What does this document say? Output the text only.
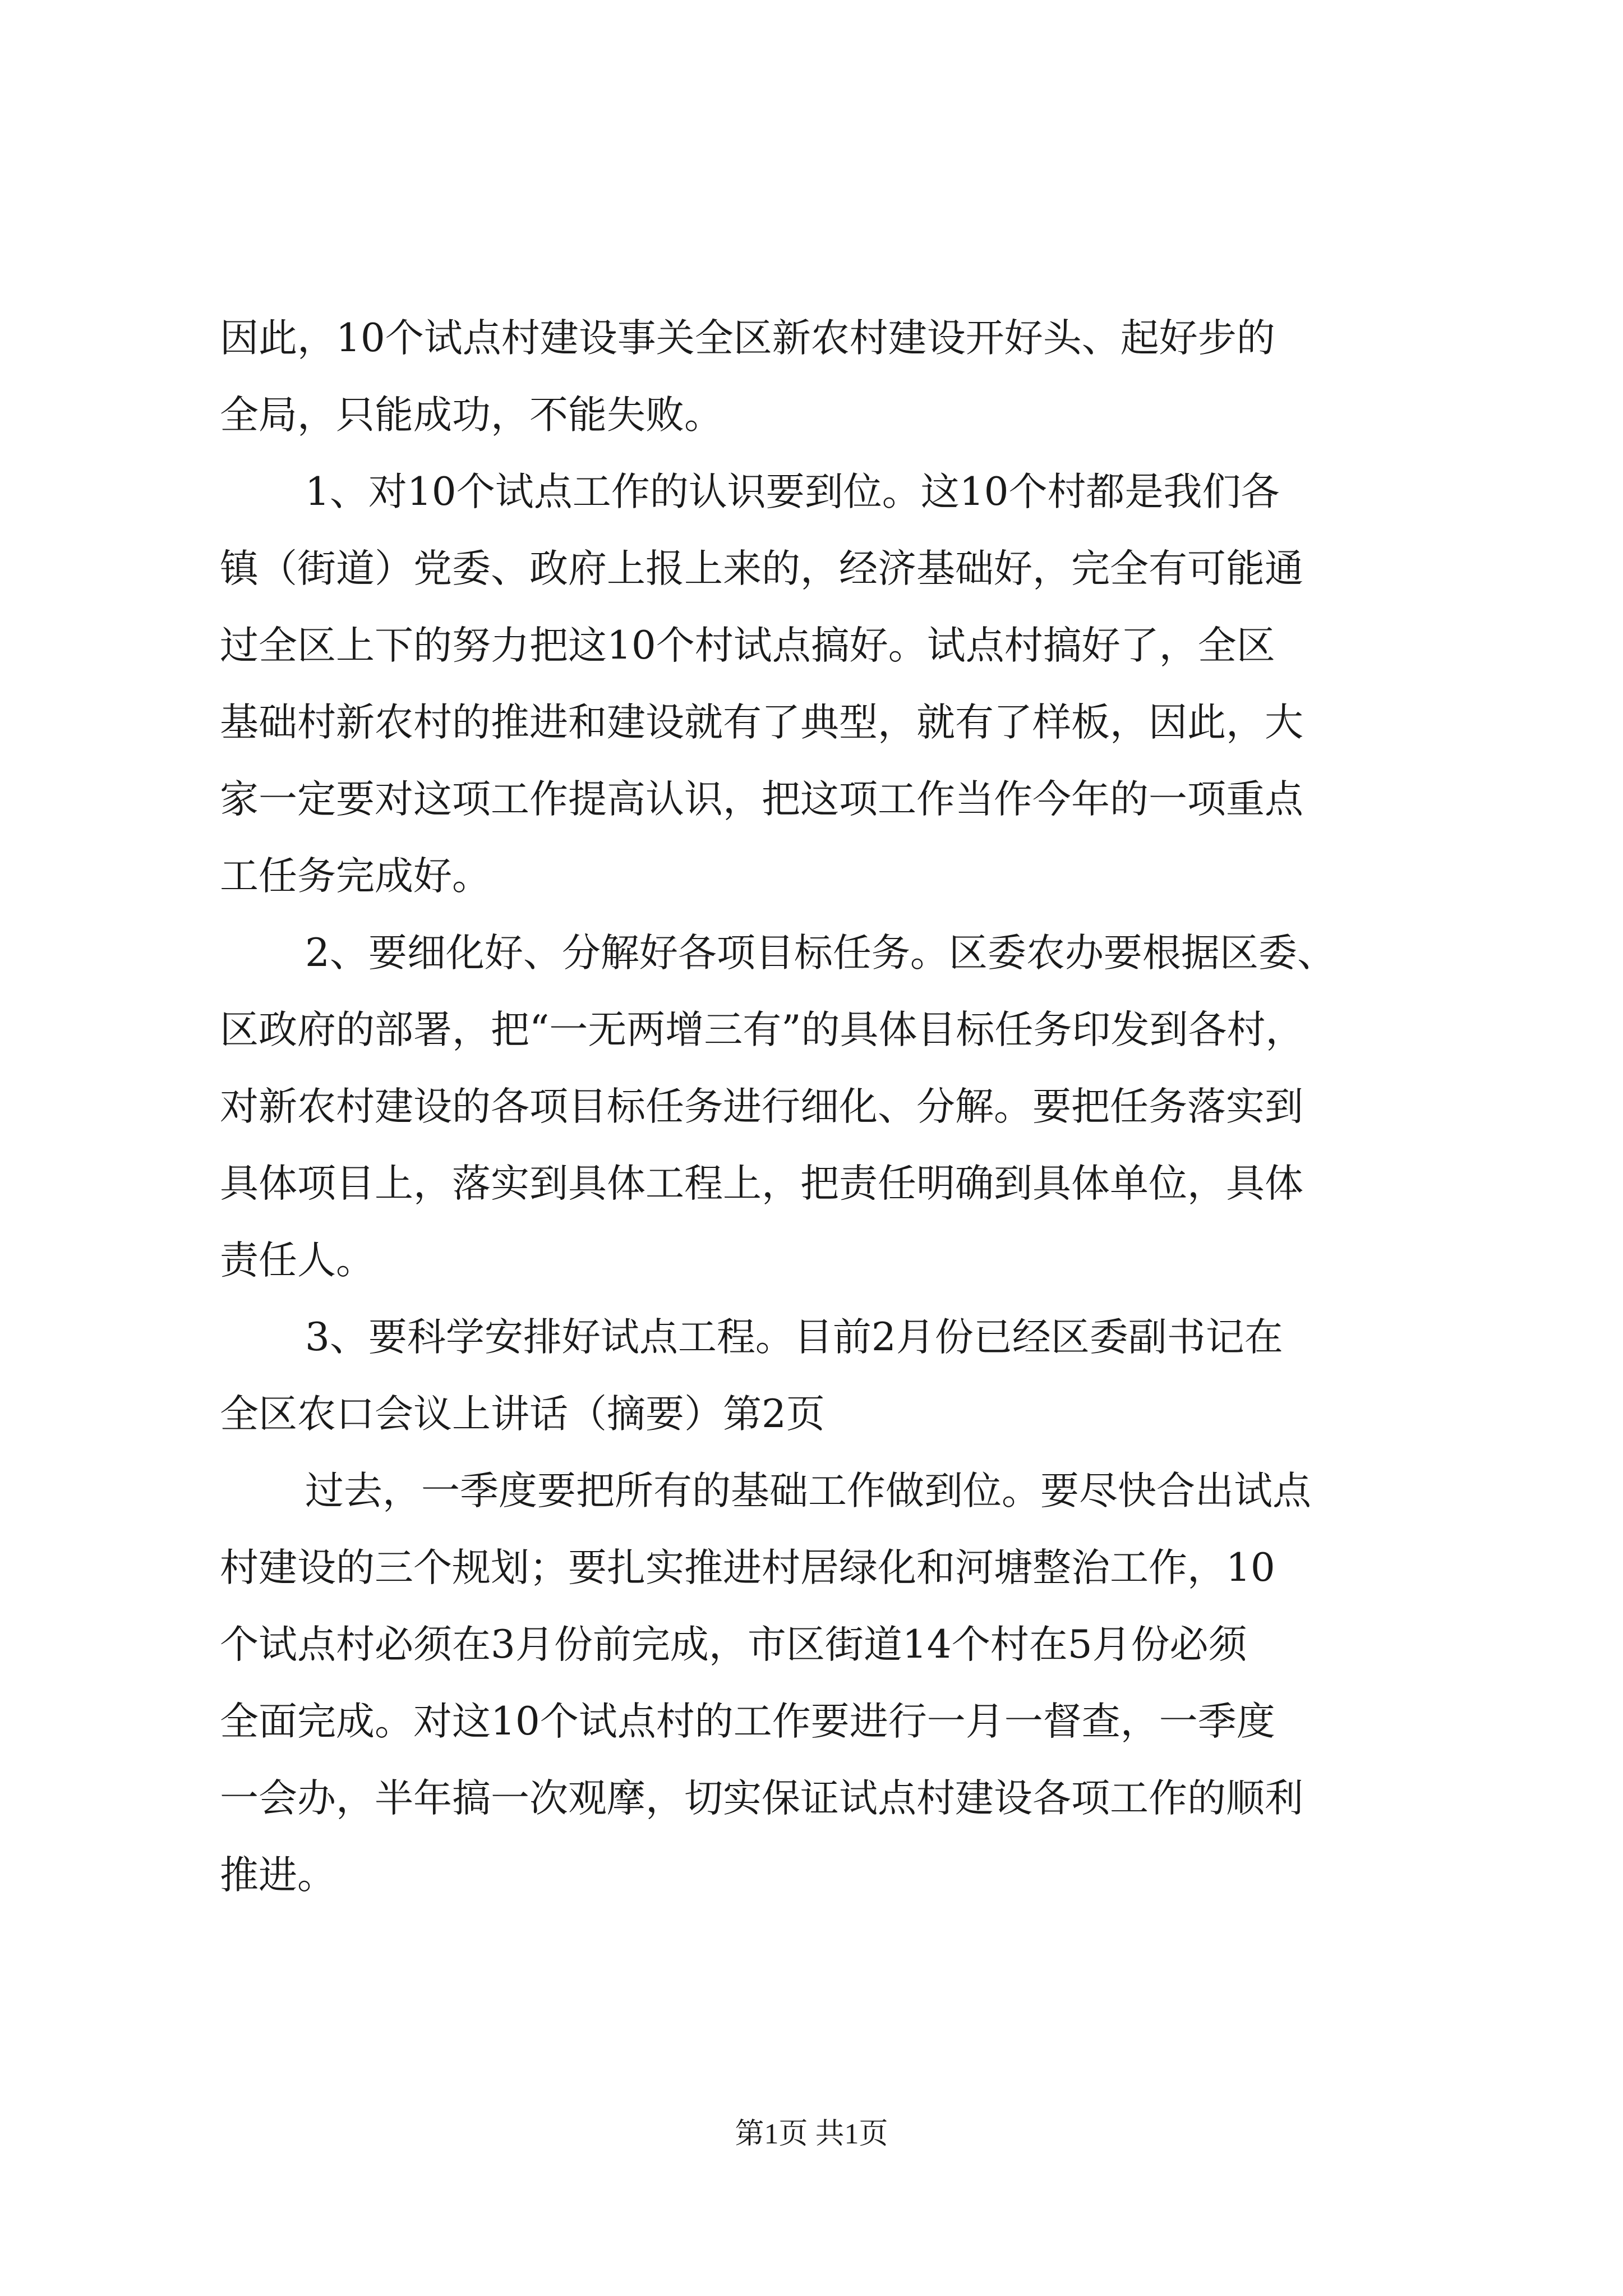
因此，10个试点村建设事关全区新农村建设开好头、起好步的
全局，只能成功，不能失败。
1、对10个试点工作的认识要到位。这10个村都是我们各
镇（街道）党委、政府上报上来的，经济基础好，完全有可能通
过全区上下的努力把这10个村试点搞好。试点村搞好了，全区
基础村新农村的推进和建设就有了典型，就有了样板，因此，大
家一定要对这项工作提高认识，把这项工作当作今年的一项重点
工任务完成好。
2、要细化好、分解好各项目标任务。区委农办要根据区委、
区政府的部署，把“一无两增三有”的具体目标任务印发到各村，
对新农村建设的各项目标任务进行细化、分解。要把任务落实到
具体项目上，落实到具体工程上，把责任明确到具体单位，具体
责任人。
3、要科学安排好试点工程。目前2月份已经区委副书记在
全区农口会议上讲话（摘要）第2页
过去，一季度要把所有的基础工作做到位。要尽快合出试点
村建设的三个规划；要扎实推进村居绿化和河塘整治工作，10
个试点村必须在3月份前完成，市区街道14个村在5月份必须
全面完成。对这10个试点村的工作要进行一月一督查，一季度
一会办，半年搞一次观摩，切实保证试点村建设各项工作的顺利
推进。
第1页 共1页
